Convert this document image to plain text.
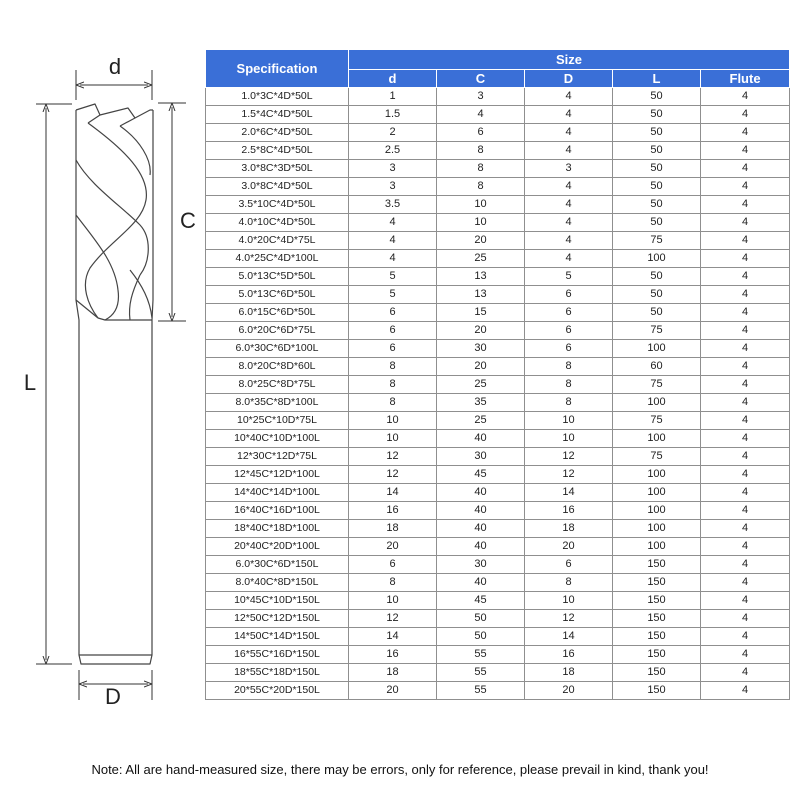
d
C
L
D
Specification	Size				
	d	C	D	L	Flute
1.0*3C*4D*50L	1	3	4	50	4
1.5*4C*4D*50L	1.5	4	4	50	4
2.0*6C*4D*50L	2	6	4	50	4
2.5*8C*4D*50L	2.5	8	4	50	4
3.0*8C*3D*50L	3	8	3	50	4
3.0*8C*4D*50L	3	8	4	50	4
3.5*10C*4D*50L	3.5	10	4	50	4
4.0*10C*4D*50L	4	10	4	50	4
4.0*20C*4D*75L	4	20	4	75	4
4.0*25C*4D*100L	4	25	4	100	4
5.0*13C*5D*50L	5	13	5	50	4
5.0*13C*6D*50L	5	13	6	50	4
6.0*15C*6D*50L	6	15	6	50	4
6.0*20C*6D*75L	6	20	6	75	4
6.0*30C*6D*100L	6	30	6	100	4
8.0*20C*8D*60L	8	20	8	60	4
8.0*25C*8D*75L	8	25	8	75	4
8.0*35C*8D*100L	8	35	8	100	4
10*25C*10D*75L	10	25	10	75	4
10*40C*10D*100L	10	40	10	100	4
12*30C*12D*75L	12	30	12	75	4
12*45C*12D*100L	12	45	12	100	4
14*40C*14D*100L	14	40	14	100	4
16*40C*16D*100L	16	40	16	100	4
18*40C*18D*100L	18	40	18	100	4
20*40C*20D*100L	20	40	20	100	4
6.0*30C*6D*150L	6	30	6	150	4
8.0*40C*8D*150L	8	40	8	150	4
10*45C*10D*150L	10	45	10	150	4
12*50C*12D*150L	12	50	12	150	4
14*50C*14D*150L	14	50	14	150	4
16*55C*16D*150L	16	55	16	150	4
18*55C*18D*150L	18	55	18	150	4
20*55C*20D*150L	20	55	20	150	4
Note: All are hand-measured size, there may be errors, only for reference, please prevail in kind, thank you!
